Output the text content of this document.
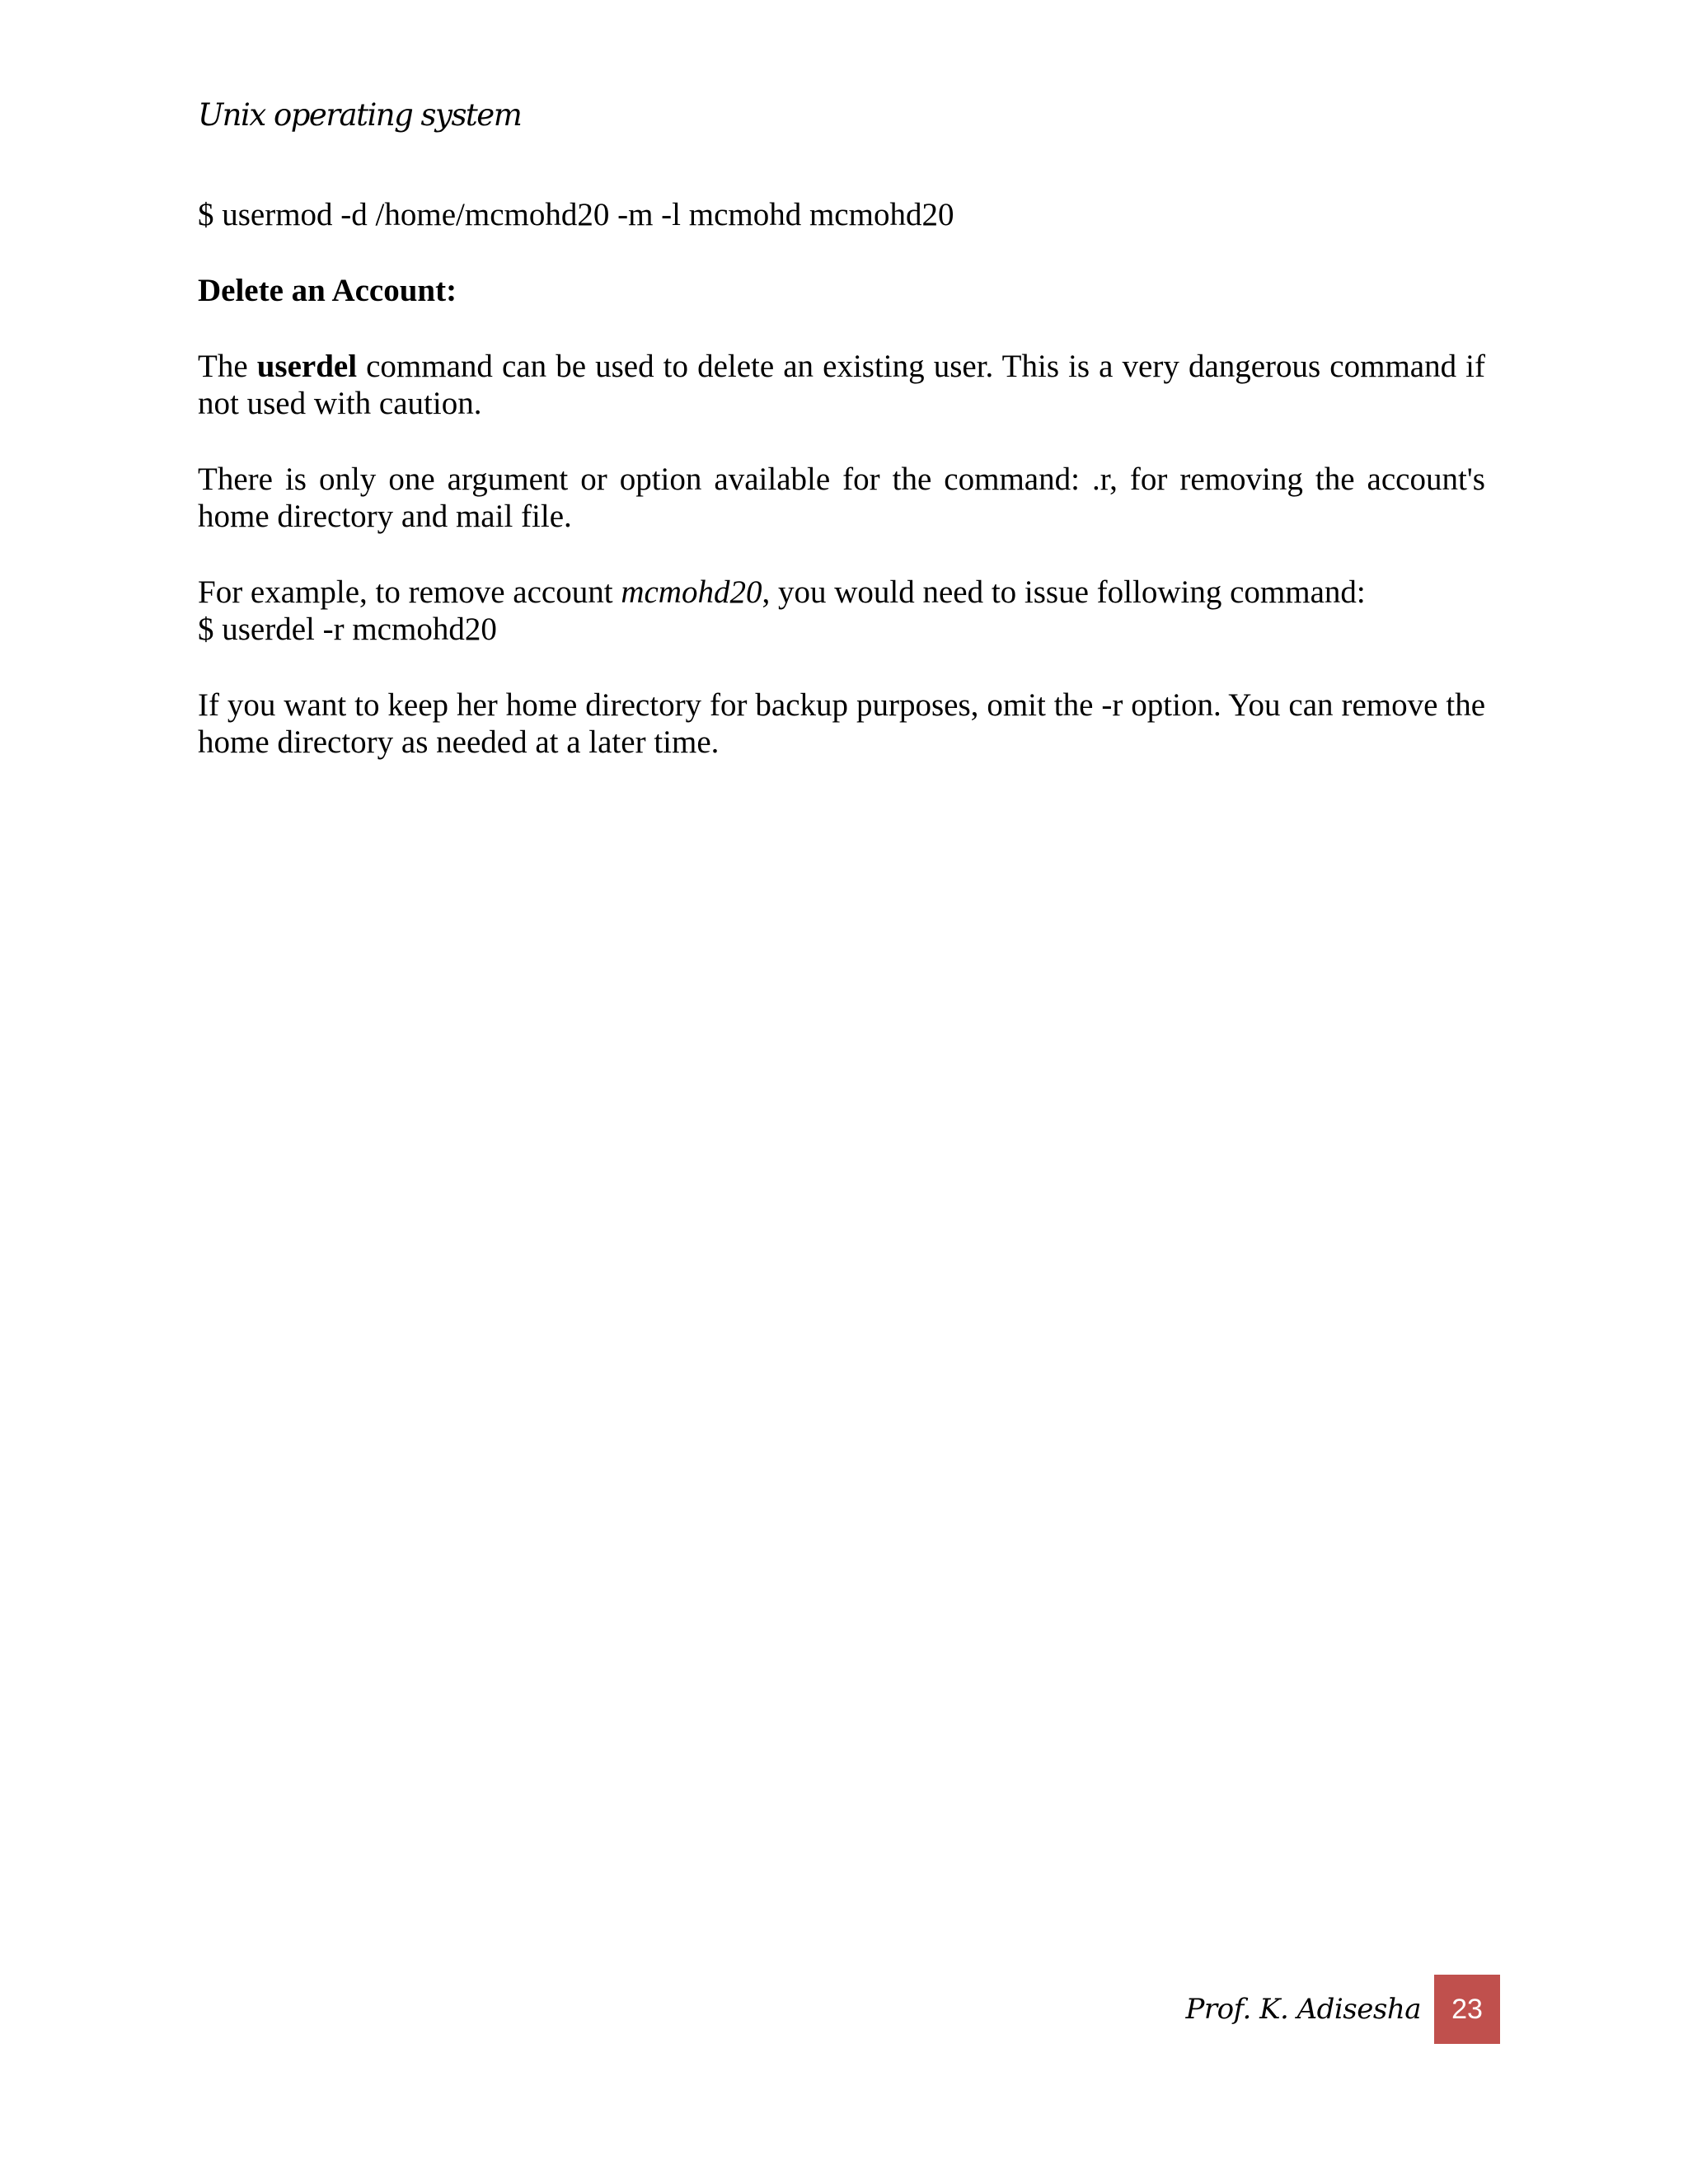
Unix operating system

$ usermod -d /home/mcmohd20 -m -l mcmohd mcmohd20

Delete an Account:

The userdel command can be used to delete an existing user. This is a very dangerous command if not used with caution.

There is only one argument or option available for the command: .r, for removing the account's home directory and mail file.

For example, to remove account mcmohd20, you would need to issue following command:

$ userdel -r mcmohd20

If you want to keep her home directory for backup purposes, omit the -r option. You can remove the home directory as needed at a later time.

Prof. K. Adisesha	23
